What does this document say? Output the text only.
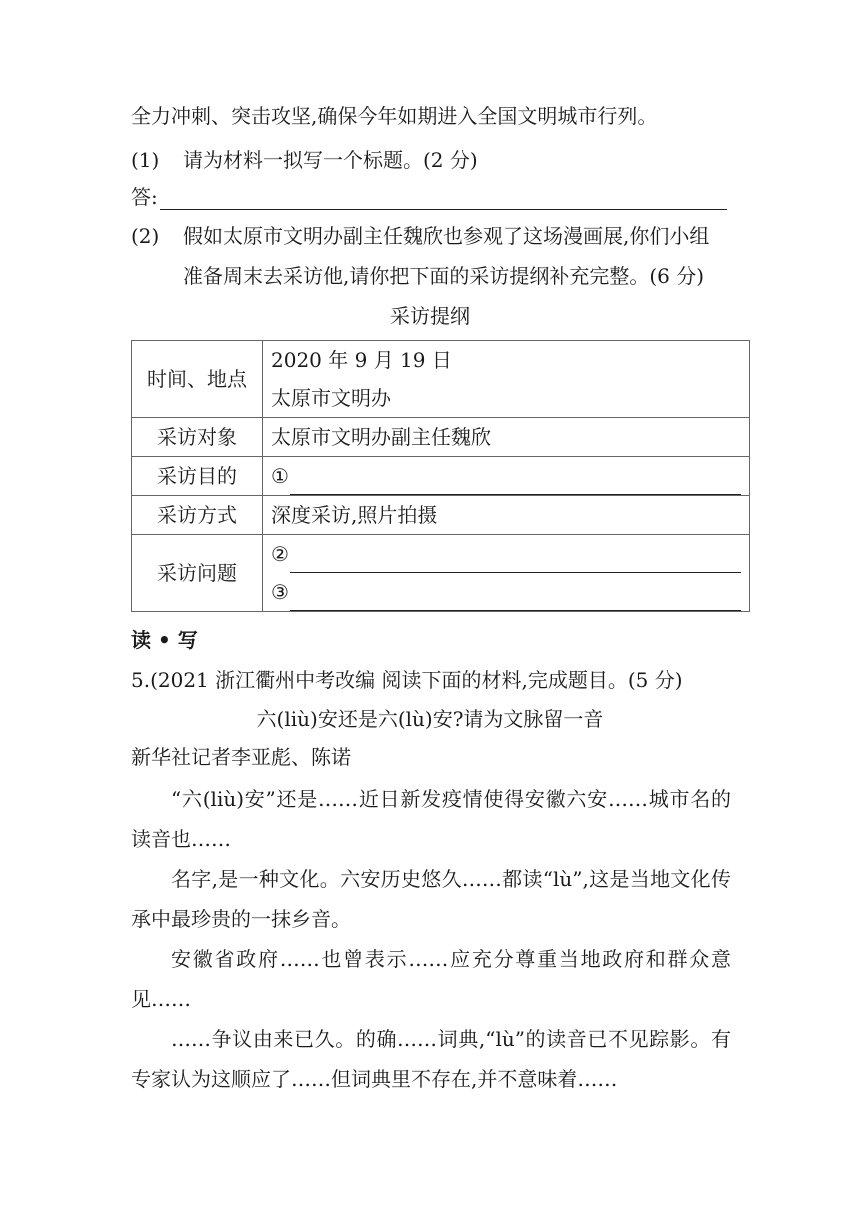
全力冲刺、突击攻坚,确保今年如期进入全国文明城市行列。
(1) 请为材料一拟写一个标题。(2 分)
答:
(2) 假如太原市文明办副主任魏欣也参观了这场漫画展,你们小组
准备周末去采访他,请你把下面的采访提纲补充完整。(6 分)
采访提纲
时间、地点	2020 年 9 月 19 日
太原市文明办

采访对象	太原市文明办副主任魏欣
采访目的	①

采访方式	深度采访,照片拍摄
采访问题	②
③
读 • 写
5.(2021 浙江衢州中考改编 阅读下面的材料,完成题目。(5 分)
六(liù)安还是六(lù)安?请为文脉留一音
新华社记者李亚彪、陈诺
“六(liù)安”还是……近日新发疫情使得安徽六安……城市名的读音也……
名字,是一种文化。六安历史悠久……都读“lù”,这是当地文化传承中最珍贵的一抹乡音。
安徽省政府……也曾表示……应充分尊重当地政府和群众意见……
……争议由来已久。的确……词典,“lù”的读音已不见踪影。有专家认为这顺应了……但词典里不存在,并不意味着……
